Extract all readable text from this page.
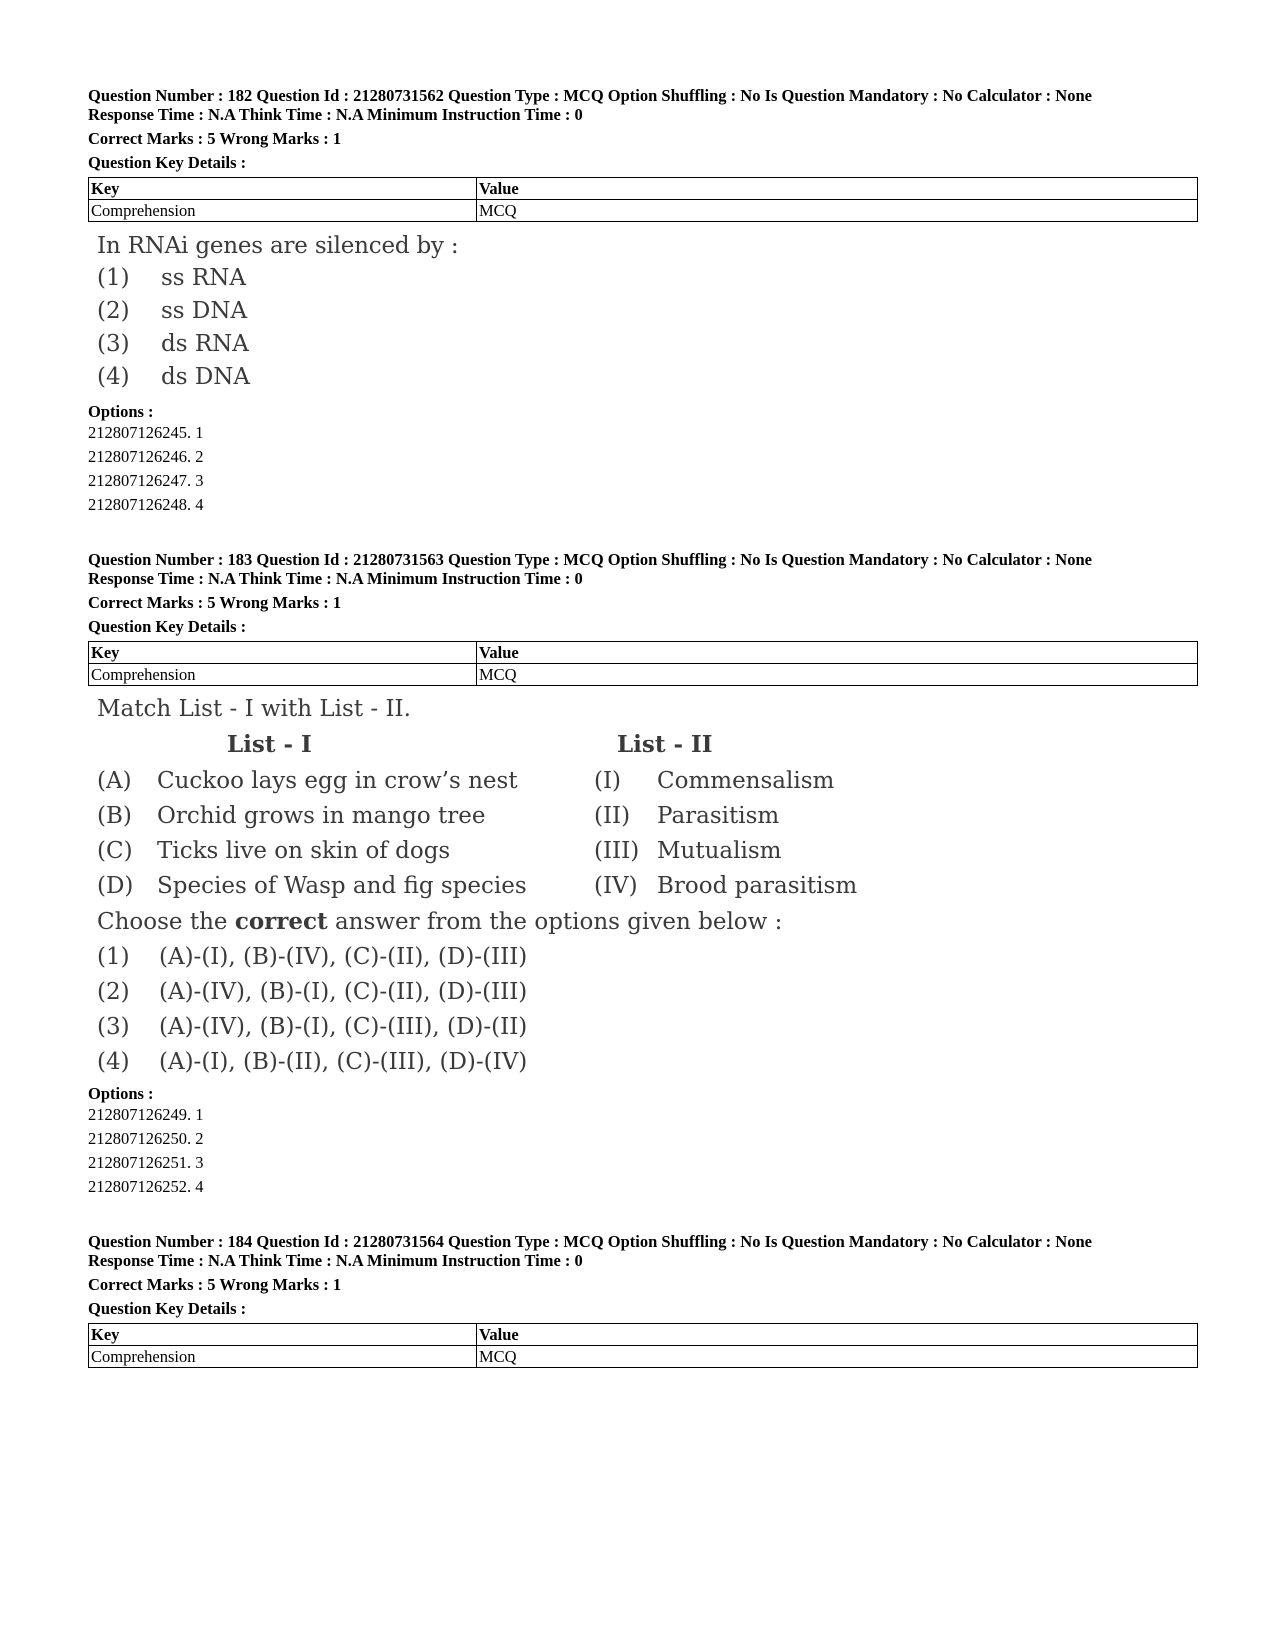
Question Number : 182 Question Id : 21280731562 Question Type : MCQ Option Shuffling : No Is Question Mandatory : No Calculator : None

Response Time : N.A Think Time : N.A Minimum Instruction Time : 0

Correct Marks : 5 Wrong Marks : 1
Question Key Details :
Key	Value
Comprehension	MCQ
In RNAi genes are silenced by :
(1)	ss RNA
(2)	ss DNA
(3)	ds RNA
(4)	ds DNA
Options :
212807126245. 1
212807126246. 2
212807126247. 3
212807126248. 4

Question Number : 183 Question Id : 21280731563 Question Type : MCQ Option Shuffling : No Is Question Mandatory : No Calculator : None

Response Time : N.A Think Time : N.A Minimum Instruction Time : 0

Correct Marks : 5 Wrong Marks : 1
Question Key Details :
Key	Value
Comprehension	MCQ
Match List - I with List - II.
List - I	List - II
(A)	Cuckoo lays egg in crow’s nest	(I)	Commensalism
(B)	Orchid grows in mango tree	(II)	Parasitism
(C)	Ticks live on skin of dogs	(III) Mutualism
(D)	Species of Wasp and fig species	(IV) Brood parasitism
Choose the correct answer from the options given below :
(1)	(A)-(I), (B)-(IV), (C)-(II), (D)-(III)
(2)	(A)-(IV), (B)-(I), (C)-(II), (D)-(III)
(3)	(A)-(IV), (B)-(I), (C)-(III), (D)-(II)
(4)	(A)-(I), (B)-(II), (C)-(III), (D)-(IV)
Options :
212807126249. 1
212807126250. 2
212807126251. 3
212807126252. 4

Question Number : 184 Question Id : 21280731564 Question Type : MCQ Option Shuffling : No Is Question Mandatory : No Calculator : None

Response Time : N.A Think Time : N.A Minimum Instruction Time : 0

Correct Marks : 5 Wrong Marks : 1
Question Key Details :
Key	Value
Comprehension	MCQ
